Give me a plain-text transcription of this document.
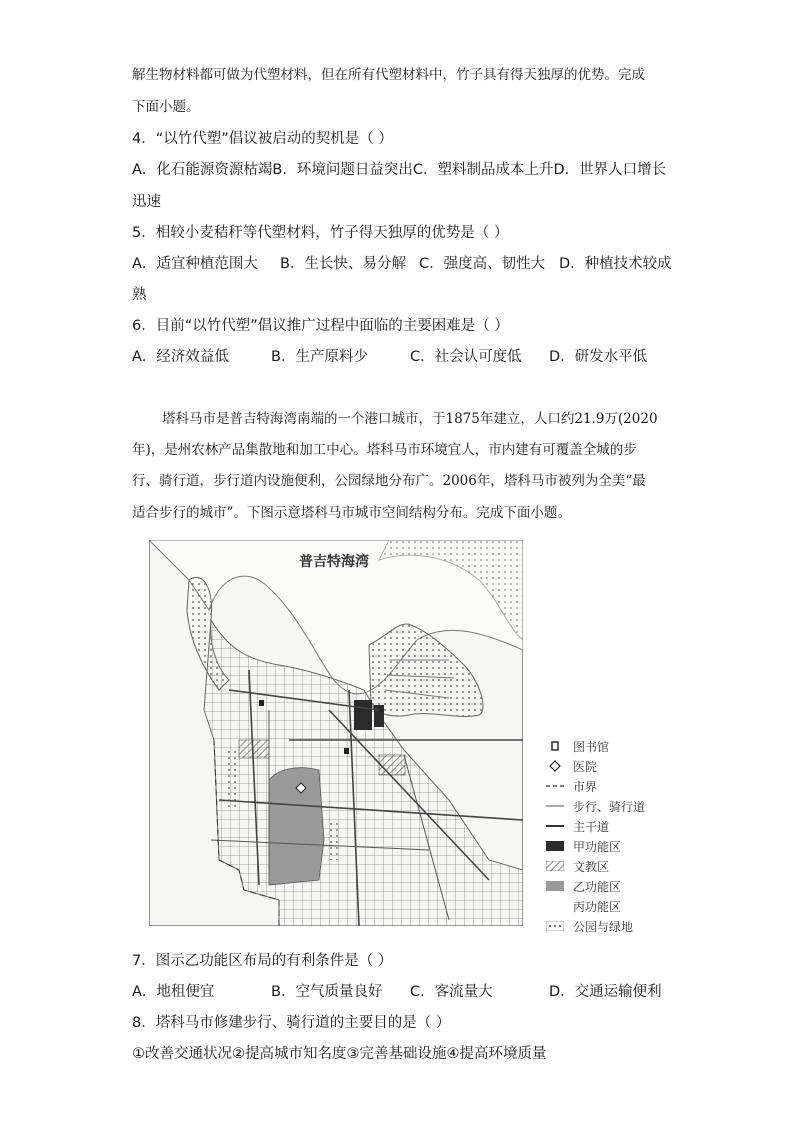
解生物材料都可做为代塑材料，但在所有代塑材料中，竹子具有得天独厚的优势。完成
下面小题。
4．“以竹代塑”倡议被启动的契机是（ ）
A．化石能源资源枯竭 B．环境问题日益突出 C．塑料制品成本上升 D．世界人口增长
迅速
5．相较小麦秸秆等代塑材料，竹子得天独厚的优势是（ ）
A．适宜种植范围大	B．生长快、易分解 C．强度高、韧性大 D．种植技术较成
熟
6．目前“以竹代塑”倡议推广过程中面临的主要困难是（ ）
A．经济效益低	B．生产原料少	C．社会认可度低	D．研发水平低
塔科马市是普吉特海湾南端的一个港口城市，于1875年建立，人口约21.9万(2020
年)，是州农林产品集散地和加工中心。塔科马市环境宜人，市内建有可覆盖全城的步
行、骑行道，步行道内设施便利，公园绿地分布广。2006年，塔科马市被列为全美“最
适合步行的城市”。下图示意塔科马市城市空间结构分布。完成下面小题。
普吉特海湾
图书馆
医院
市界
步行、骑行道
主干道
甲功能区
文教区
乙功能区
丙功能区
公园与绿地
7．图示乙功能区布局的有利条件是（ ）
A．地租便宜	B．空气质量良好	C．客流量大	D．交通运输便利
8．塔科马市修建步行、骑行道的主要目的是（ ）
①改善交通状况②提高城市知名度③完善基础设施④提高环境质量
